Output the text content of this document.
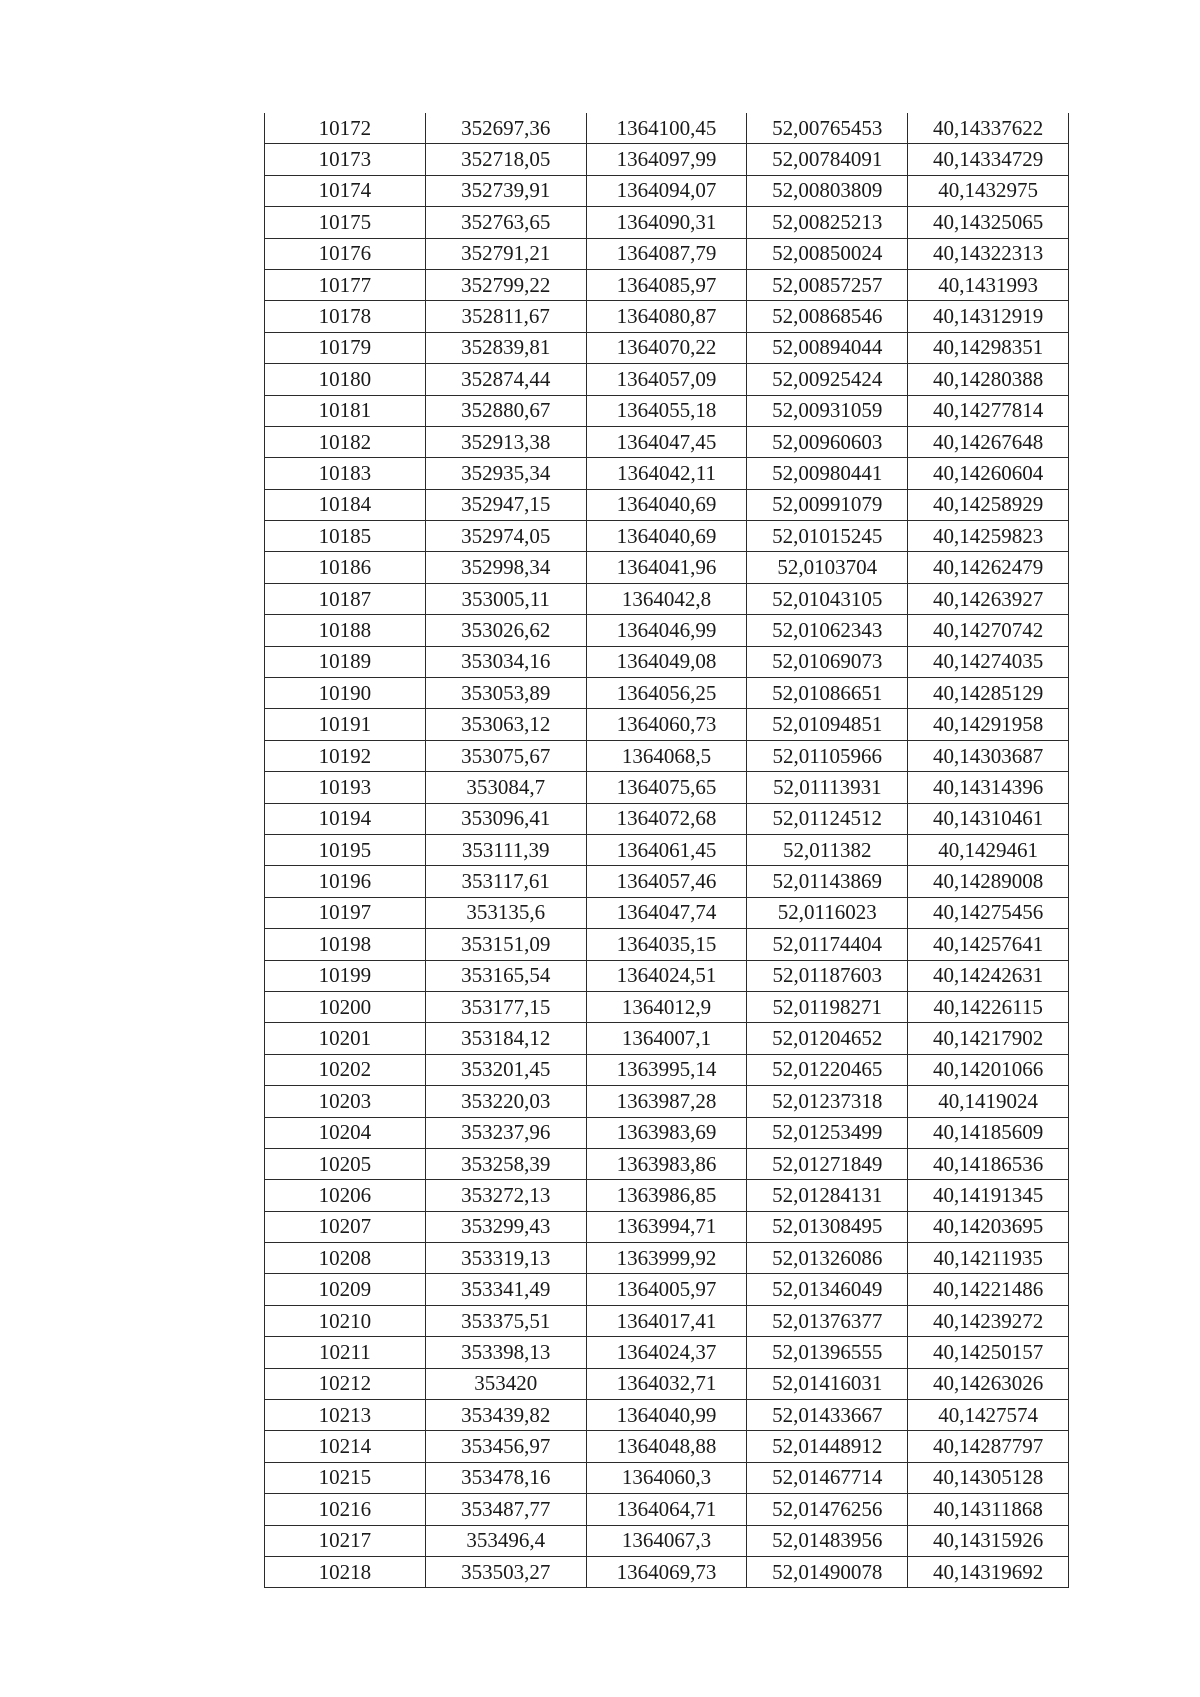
10172	352697,36	1364100,45	52,00765453	40,14337622
10173	352718,05	1364097,99	52,00784091	40,14334729
10174	352739,91	1364094,07	52,00803809	40,1432975
10175	352763,65	1364090,31	52,00825213	40,14325065
10176	352791,21	1364087,79	52,00850024	40,14322313
10177	352799,22	1364085,97	52,00857257	40,1431993
10178	352811,67	1364080,87	52,00868546	40,14312919
10179	352839,81	1364070,22	52,00894044	40,14298351
10180	352874,44	1364057,09	52,00925424	40,14280388
10181	352880,67	1364055,18	52,00931059	40,14277814
10182	352913,38	1364047,45	52,00960603	40,14267648
10183	352935,34	1364042,11	52,00980441	40,14260604
10184	352947,15	1364040,69	52,00991079	40,14258929
10185	352974,05	1364040,69	52,01015245	40,14259823
10186	352998,34	1364041,96	52,0103704	40,14262479
10187	353005,11	1364042,8	52,01043105	40,14263927
10188	353026,62	1364046,99	52,01062343	40,14270742
10189	353034,16	1364049,08	52,01069073	40,14274035
10190	353053,89	1364056,25	52,01086651	40,14285129
10191	353063,12	1364060,73	52,01094851	40,14291958
10192	353075,67	1364068,5	52,01105966	40,14303687
10193	353084,7	1364075,65	52,01113931	40,14314396
10194	353096,41	1364072,68	52,01124512	40,14310461
10195	353111,39	1364061,45	52,011382	40,1429461
10196	353117,61	1364057,46	52,01143869	40,14289008
10197	353135,6	1364047,74	52,0116023	40,14275456
10198	353151,09	1364035,15	52,01174404	40,14257641
10199	353165,54	1364024,51	52,01187603	40,14242631
10200	353177,15	1364012,9	52,01198271	40,14226115
10201	353184,12	1364007,1	52,01204652	40,14217902
10202	353201,45	1363995,14	52,01220465	40,14201066
10203	353220,03	1363987,28	52,01237318	40,1419024
10204	353237,96	1363983,69	52,01253499	40,14185609
10205	353258,39	1363983,86	52,01271849	40,14186536
10206	353272,13	1363986,85	52,01284131	40,14191345
10207	353299,43	1363994,71	52,01308495	40,14203695
10208	353319,13	1363999,92	52,01326086	40,14211935
10209	353341,49	1364005,97	52,01346049	40,14221486
10210	353375,51	1364017,41	52,01376377	40,14239272
10211	353398,13	1364024,37	52,01396555	40,14250157
10212	353420	1364032,71	52,01416031	40,14263026
10213	353439,82	1364040,99	52,01433667	40,1427574
10214	353456,97	1364048,88	52,01448912	40,14287797
10215	353478,16	1364060,3	52,01467714	40,14305128
10216	353487,77	1364064,71	52,01476256	40,14311868
10217	353496,4	1364067,3	52,01483956	40,14315926
10218	353503,27	1364069,73	52,01490078	40,14319692
